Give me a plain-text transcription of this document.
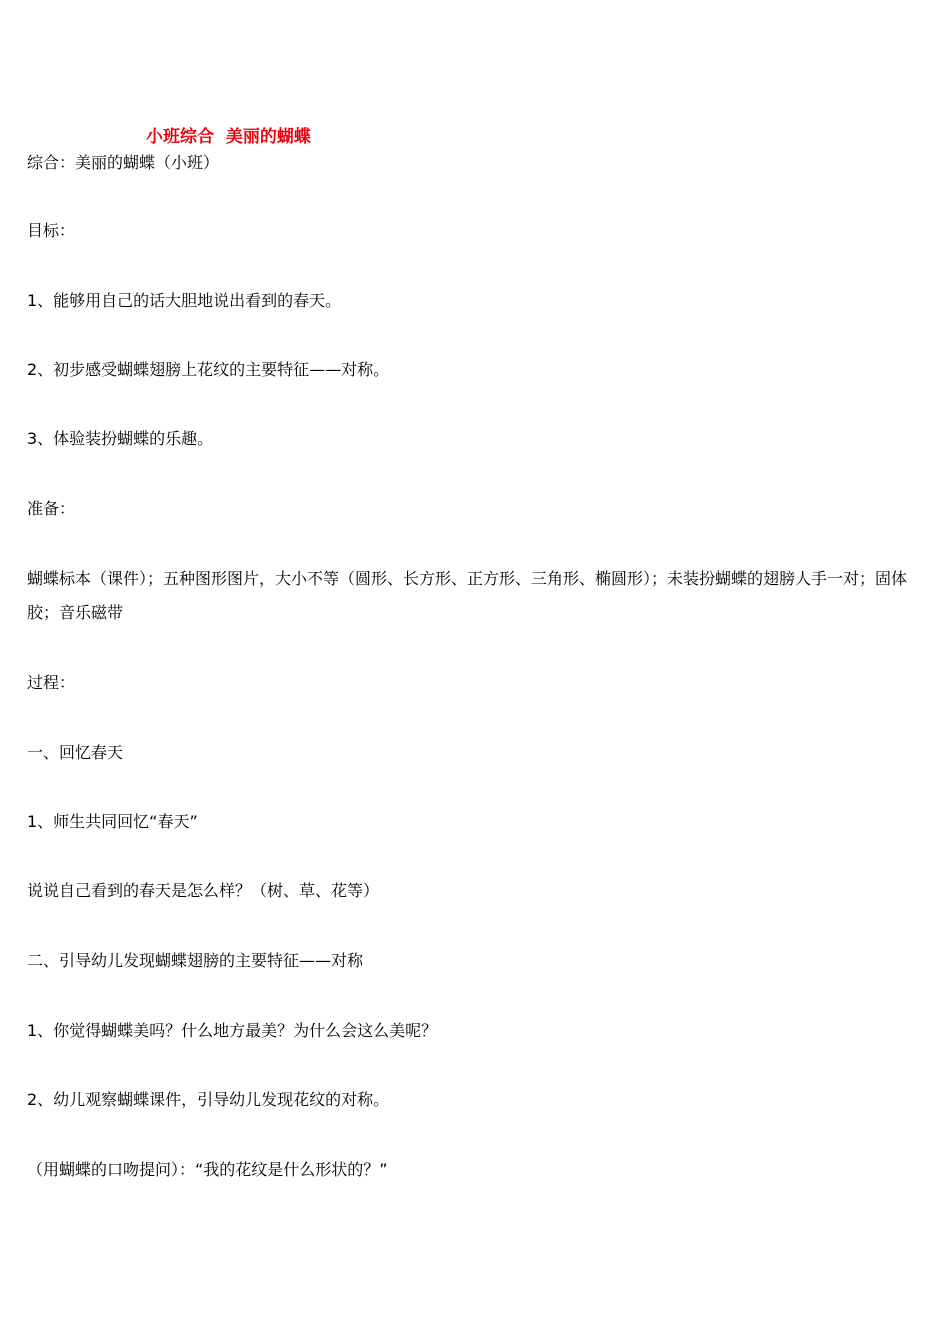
小班综合  美丽的蝴蝶
综合：美丽的蝴蝶（小班）
目标：
1、能够用自己的话大胆地说出看到的春天。
2、初步感受蝴蝶翅膀上花纹的主要特征——对称。
3、体验装扮蝴蝶的乐趣。
准备：
蝴蝶标本（课件）；五种图形图片，大小不等（圆形、长方形、正方形、三角形、椭圆形）；未装扮蝴蝶的翅膀人手一对；固体胶；音乐磁带
过程：
一、回忆春天
1、师生共同回忆“春天”
说说自己看到的春天是怎么样？（树、草、花等）
二、引导幼儿发现蝴蝶翅膀的主要特征——对称
1、你觉得蝴蝶美吗？什么地方最美？为什么会这么美呢？
2、幼儿观察蝴蝶课件，引导幼儿发现花纹的对称。
（用蝴蝶的口吻提问）：“我的花纹是什么形状的？”
